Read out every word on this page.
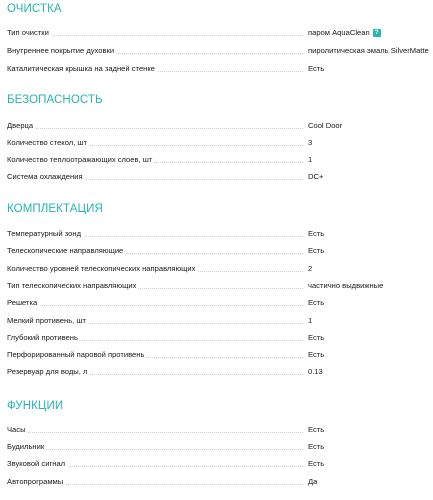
ОЧИСТКА
Тип очистки	паром AquaClean ?
Внутреннее покрытие духовки	пиролитическая эмаль SilverMatte
Каталитическая крышка на задней стенке	Есть
БЕЗОПАСНОСТЬ
Дверца	Cool Door
Количество стекол, шт	3
Количество теплоотражающих слоев, шт	1
Система охлаждения	DC+
КОМПЛЕКТАЦИЯ
Температурный зонд	Есть
Телескопические направляющие	Есть
Количество уровней телескопических направляющих	2
Тип телескопических направляющих	частично выдвижные
Решетка	Есть
Мелкий противень, шт	1
Глубокий противень	Есть
Перфорированный паровой противень	Есть
Резервуар для воды, л	0.13
ФУНКЦИИ
Часы	Есть
Будильник	Есть
Звуковой сигнал	Есть
Автопрограммы	Да
